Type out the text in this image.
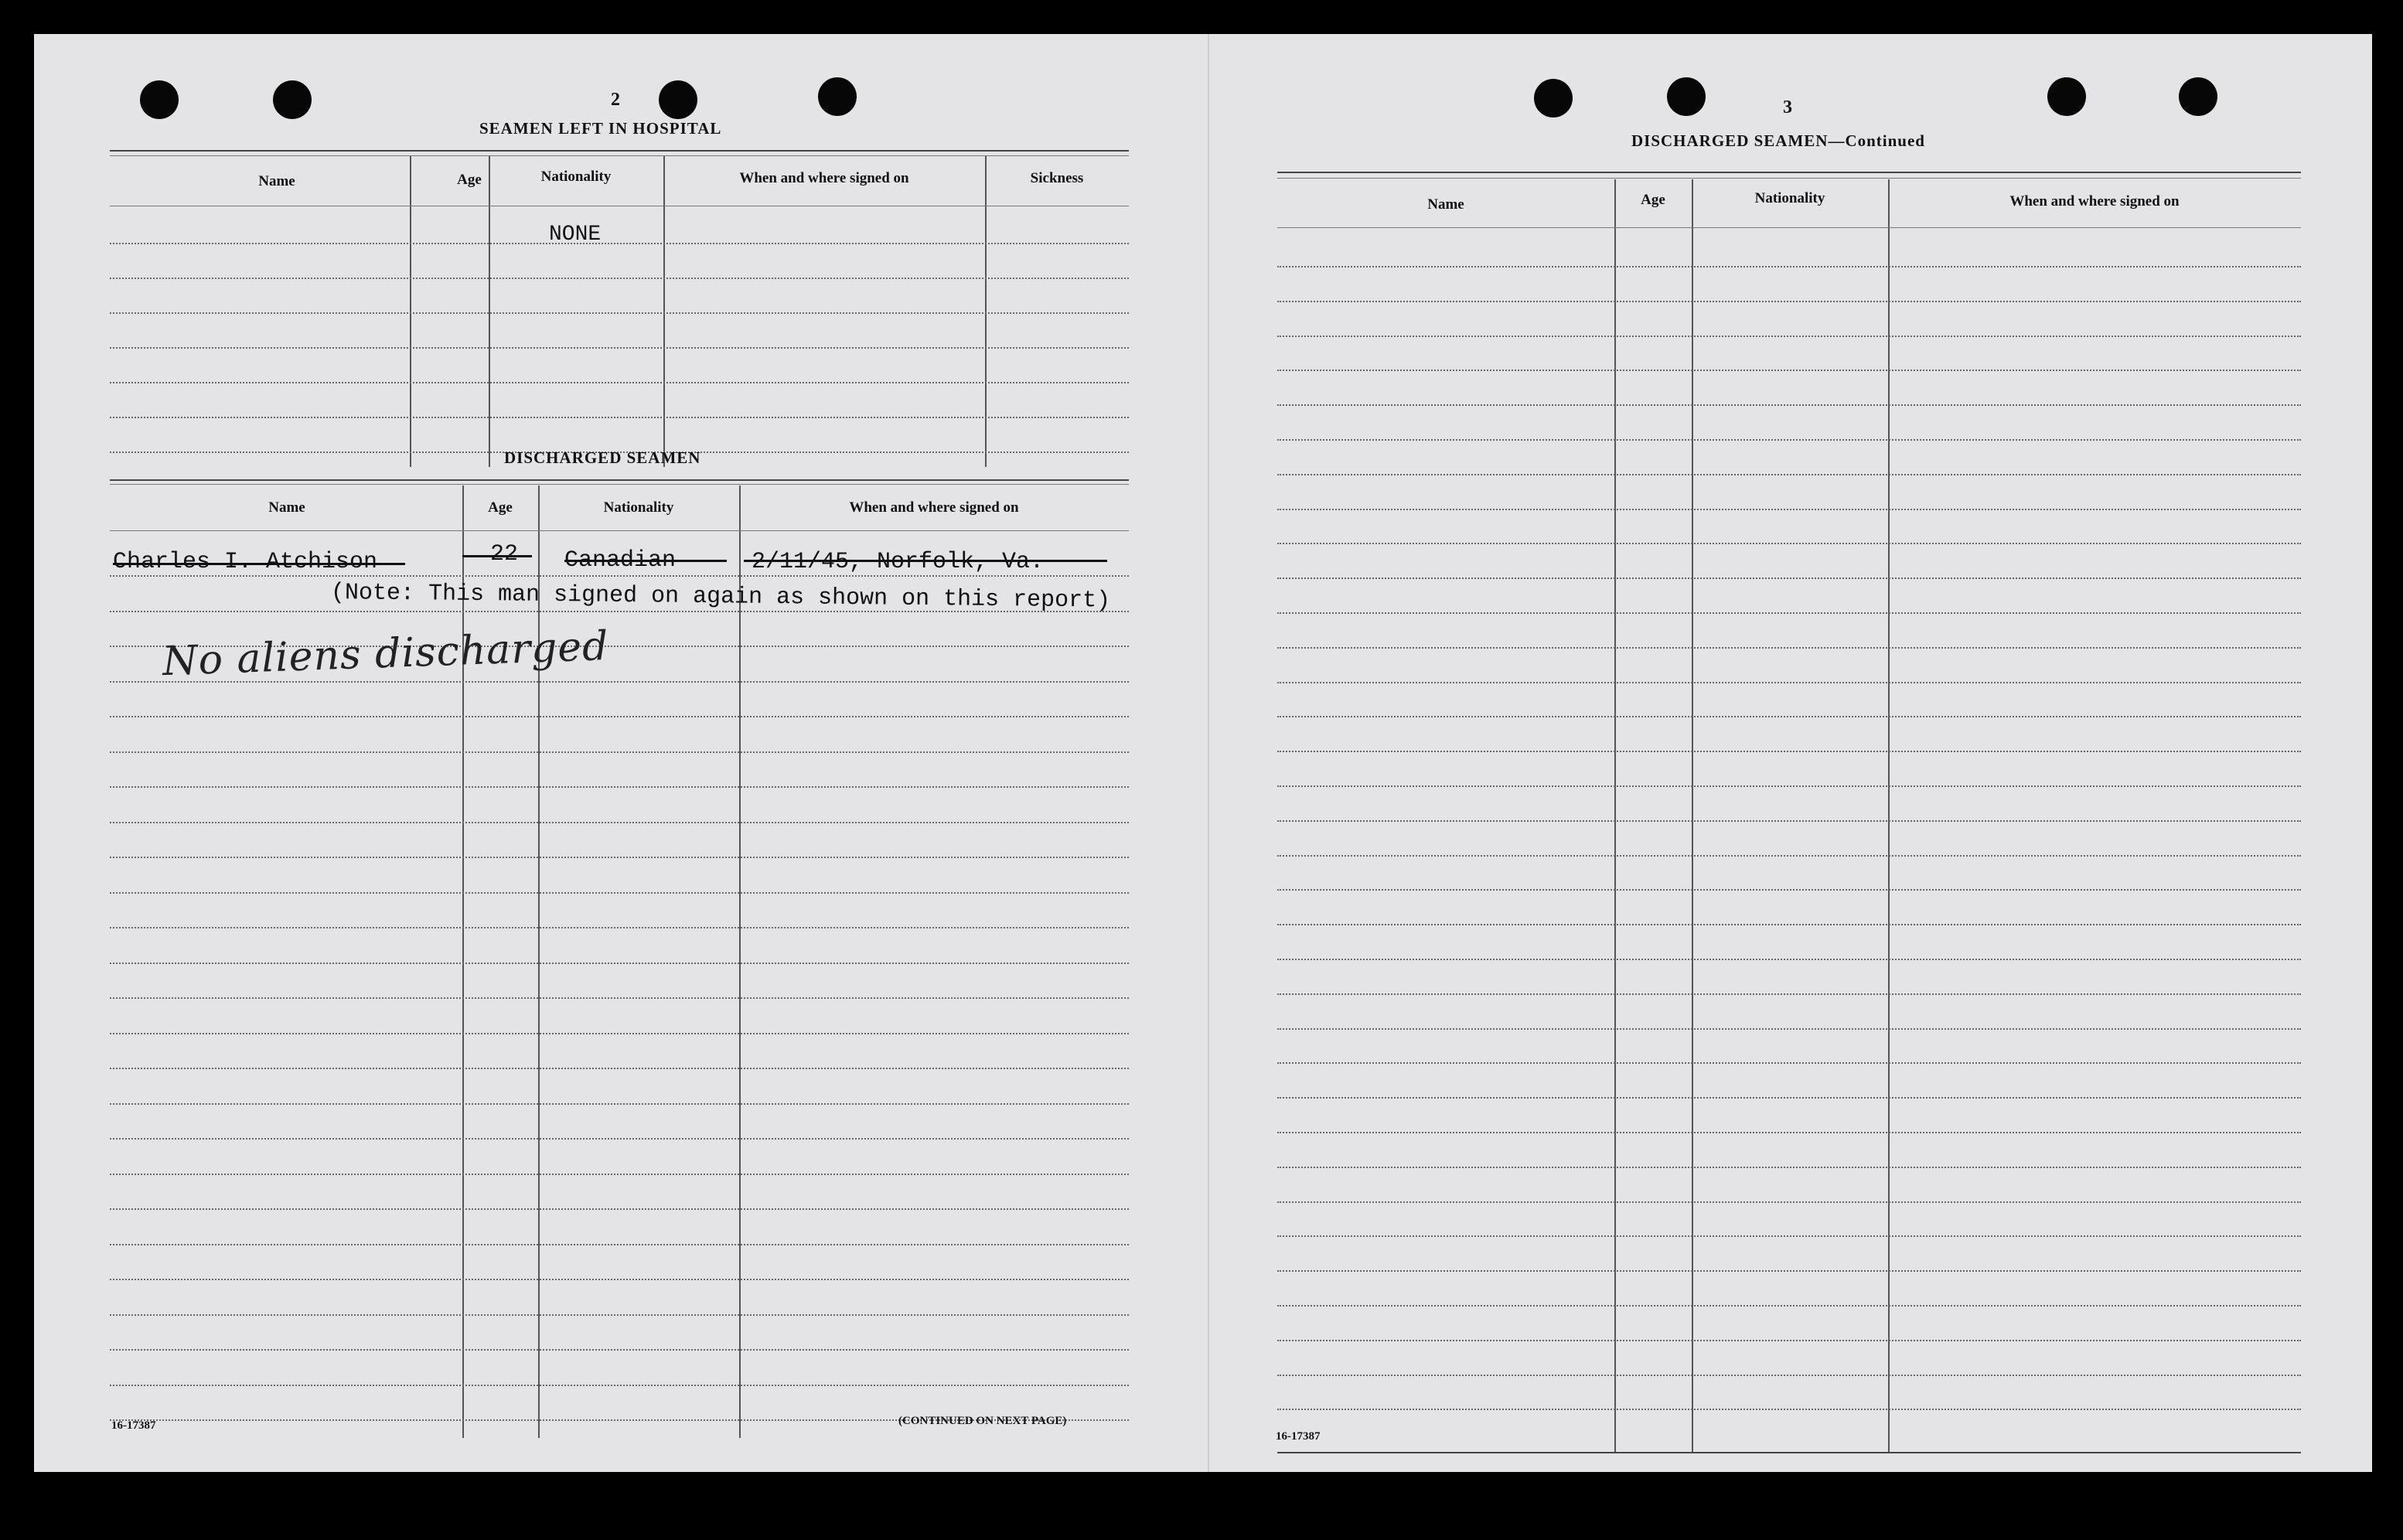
2
SEAMEN LEFT IN HOSPITAL
Name	Age	Nationality	When and where signed on	Sickness
NONE
DISCHARGED SEAMEN
Name	Age	Nationality	When and where signed on
Charles I. Atchison	22 Canadian	2/11/45, Norfolk, Va.
(Note: This man signed on again as shown on this report)
No aliens discharged
16-17387	(CONTINUED ON NEXT PAGE)
3
DISCHARGED SEAMEN—Continued
Name	Age	Nationality	When and where signed on
16-17387
